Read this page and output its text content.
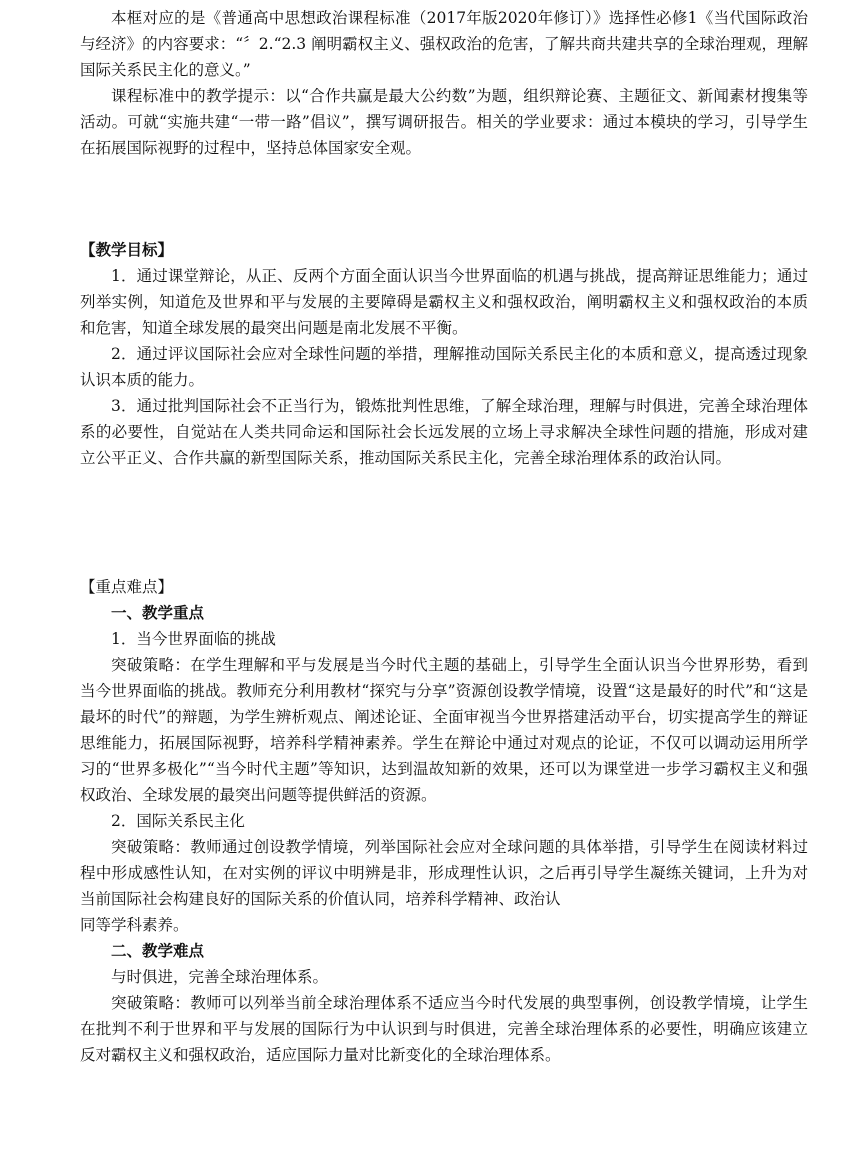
本框对应的是《普通高中思想政治课程标准（2017年版2020年修订）》选择性必修1《当代国际政治与经济》的内容要求：“〞2.“2.3 阐明霸权主义、强权政治的危害，了解共商共建共享的全球治理观，理解国际关系民主化的意义。”

课程标准中的教学提示：以“合作共赢是最大公约数”为题，组织辩论赛、主题征文、新闻素材搜集等活动。可就“实施共建“一带一路”倡议”，撰写调研报告。相关的学业要求：通过本模块的学习，引导学生在拓展国际视野的过程中，坚持总体国家安全观。

【教学目标】

1．通过课堂辩论，从正、反两个方面全面认识当今世界面临的机遇与挑战，提高辩证思维能力；通过列举实例，知道危及世界和平与发展的主要障碍是霸权主义和强权政治，阐明霸权主义和强权政治的本质和危害，知道全球发展的最突出问题是南北发展不平衡。

2．通过评议国际社会应对全球性问题的举措，理解推动国际关系民主化的本质和意义，提高透过现象认识本质的能力。

3．通过批判国际社会不正当行为，锻炼批判性思维，了解全球治理，理解与时俱进，完善全球治理体系的必要性，自觉站在人类共同命运和国际社会长远发展的立场上寻求解决全球性问题的措施，形成对建立公平正义、合作共赢的新型国际关系，推动国际关系民主化，完善全球治理体系的政治认同。

【重点难点】

一、教学重点

1．当今世界面临的挑战

突破策略：在学生理解和平与发展是当今时代主题的基础上，引导学生全面认识当今世界形势，看到当今世界面临的挑战。教师充分利用教材“探究与分享”资源创设教学情境，设置“这是最好的时代”和“这是最坏的时代”的辩题，为学生辨析观点、阐述论证、全面审视当今世界搭建活动平台，切实提高学生的辩证思维能力，拓展国际视野，培养科学精神素养。学生在辩论中通过对观点的论证，不仅可以调动运用所学习的“世界多极化”“当今时代主题”等知识，达到温故知新的效果，还可以为课堂进一步学习霸权主义和强权政治、全球发展的最突出问题等提供鲜活的资源。

2．国际关系民主化

突破策略：教师通过创设教学情境，列举国际社会应对全球问题的具体举措，引导学生在阅读材料过程中形成感性认知，在对实例的评议中明辨是非，形成理性认识，之后再引导学生凝练关键词，上升为对当前国际社会构建良好的国际关系的价值认同，培养科学精神、政治认

同等学科素养。

二、教学难点

与时俱进，完善全球治理体系。

突破策略：教师可以列举当前全球治理体系不适应当今时代发展的典型事例，创设教学情境，让学生在批判不利于世界和平与发展的国际行为中认识到与时俱进，完善全球治理体系的必要性，明确应该建立反对霸权主义和强权政治，适应国际力量对比新变化的全球治理体系。
